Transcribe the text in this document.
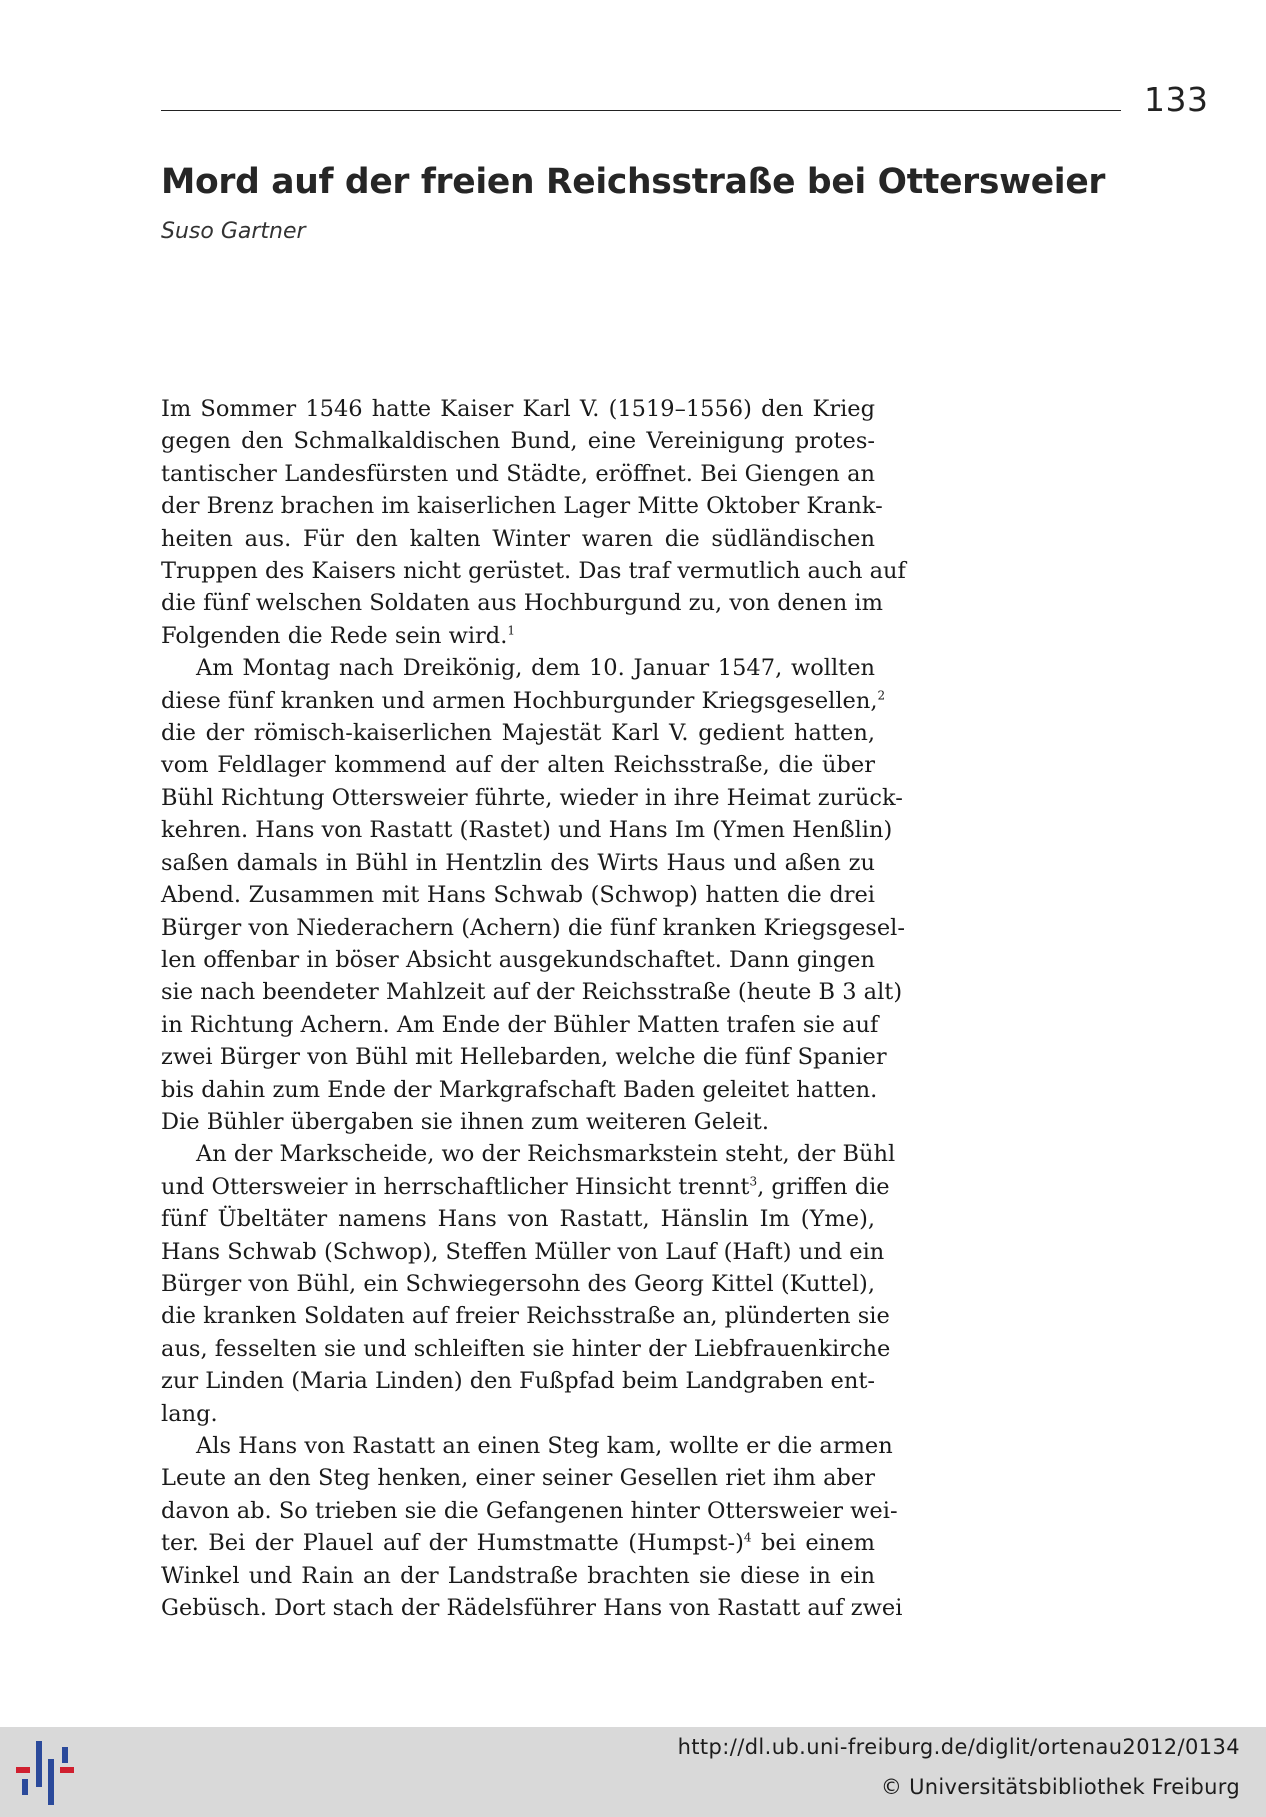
133
Mord auf der freien Reichsstraße bei Ottersweier
Suso Gartner
Im Sommer 1546 hatte Kaiser Karl V. (1519–1556) den Krieg
gegen den Schmalkaldischen Bund, eine Vereinigung protes-
tantischer Landesfürsten und Städte, eröffnet. Bei Giengen an
der Brenz brachen im kaiserlichen Lager Mitte Oktober Krank-
heiten aus. Für den kalten Winter waren die südländischen
Truppen des Kaisers nicht gerüstet. Das traf vermutlich auch auf
die fünf welschen Soldaten aus Hochburgund zu, von denen im
Folgenden die Rede sein wird.$^1$
Am Montag nach Dreikönig, dem 10. Januar 1547, wollten
diese fünf kranken und armen Hochburgunder Kriegsgesellen,$^2$
die der römisch-kaiserlichen Majestät Karl V. gedient hatten,
vom Feldlager kommend auf der alten Reichsstraße, die über
Bühl Richtung Ottersweier führte, wieder in ihre Heimat zurück-
kehren. Hans von Rastatt (Rastet) und Hans Im (Ymen Henßlin)
saßen damals in Bühl in Hentzlin des Wirts Haus und aßen zu
Abend. Zusammen mit Hans Schwab (Schwop) hatten die drei
Bürger von Niederachern (Achern) die fünf kranken Kriegsgesel-
len offenbar in böser Absicht ausgekundschaftet. Dann gingen
sie nach beendeter Mahlzeit auf der Reichsstraße (heute B 3 alt)
in Richtung Achern. Am Ende der Bühler Matten trafen sie auf
zwei Bürger von Bühl mit Hellebarden, welche die fünf Spanier
bis dahin zum Ende der Markgrafschaft Baden geleitet hatten.
Die Bühler übergaben sie ihnen zum weiteren Geleit.
An der Markscheide, wo der Reichsmarkstein steht, der Bühl
und Ottersweier in herrschaftlicher Hinsicht trennt$^3$, griffen die
fünf Übeltäter namens Hans von Rastatt, Hänslin Im (Yme),
Hans Schwab (Schwop), Steffen Müller von Lauf (Haft) und ein
Bürger von Bühl, ein Schwiegersohn des Georg Kittel (Kuttel),
die kranken Soldaten auf freier Reichsstraße an, plünderten sie
aus, fesselten sie und schleiften sie hinter der Liebfrauenkirche
zur Linden (Maria Linden) den Fußpfad beim Landgraben ent-
lang.
Als Hans von Rastatt an einen Steg kam, wollte er die armen
Leute an den Steg henken, einer seiner Gesellen riet ihm aber
davon ab. So trieben sie die Gefangenen hinter Ottersweier wei-
ter. Bei der Plauel auf der Humstmatte (Humpst-)$^4$ bei einem
Winkel und Rain an der Landstraße brachten sie diese in ein
Gebüsch. Dort stach der Rädelsführer Hans von Rastatt auf zwei
http://dl.ub.uni-freiburg.de/diglit/ortenau2012/0134
© Universitätsbibliothek Freiburg
